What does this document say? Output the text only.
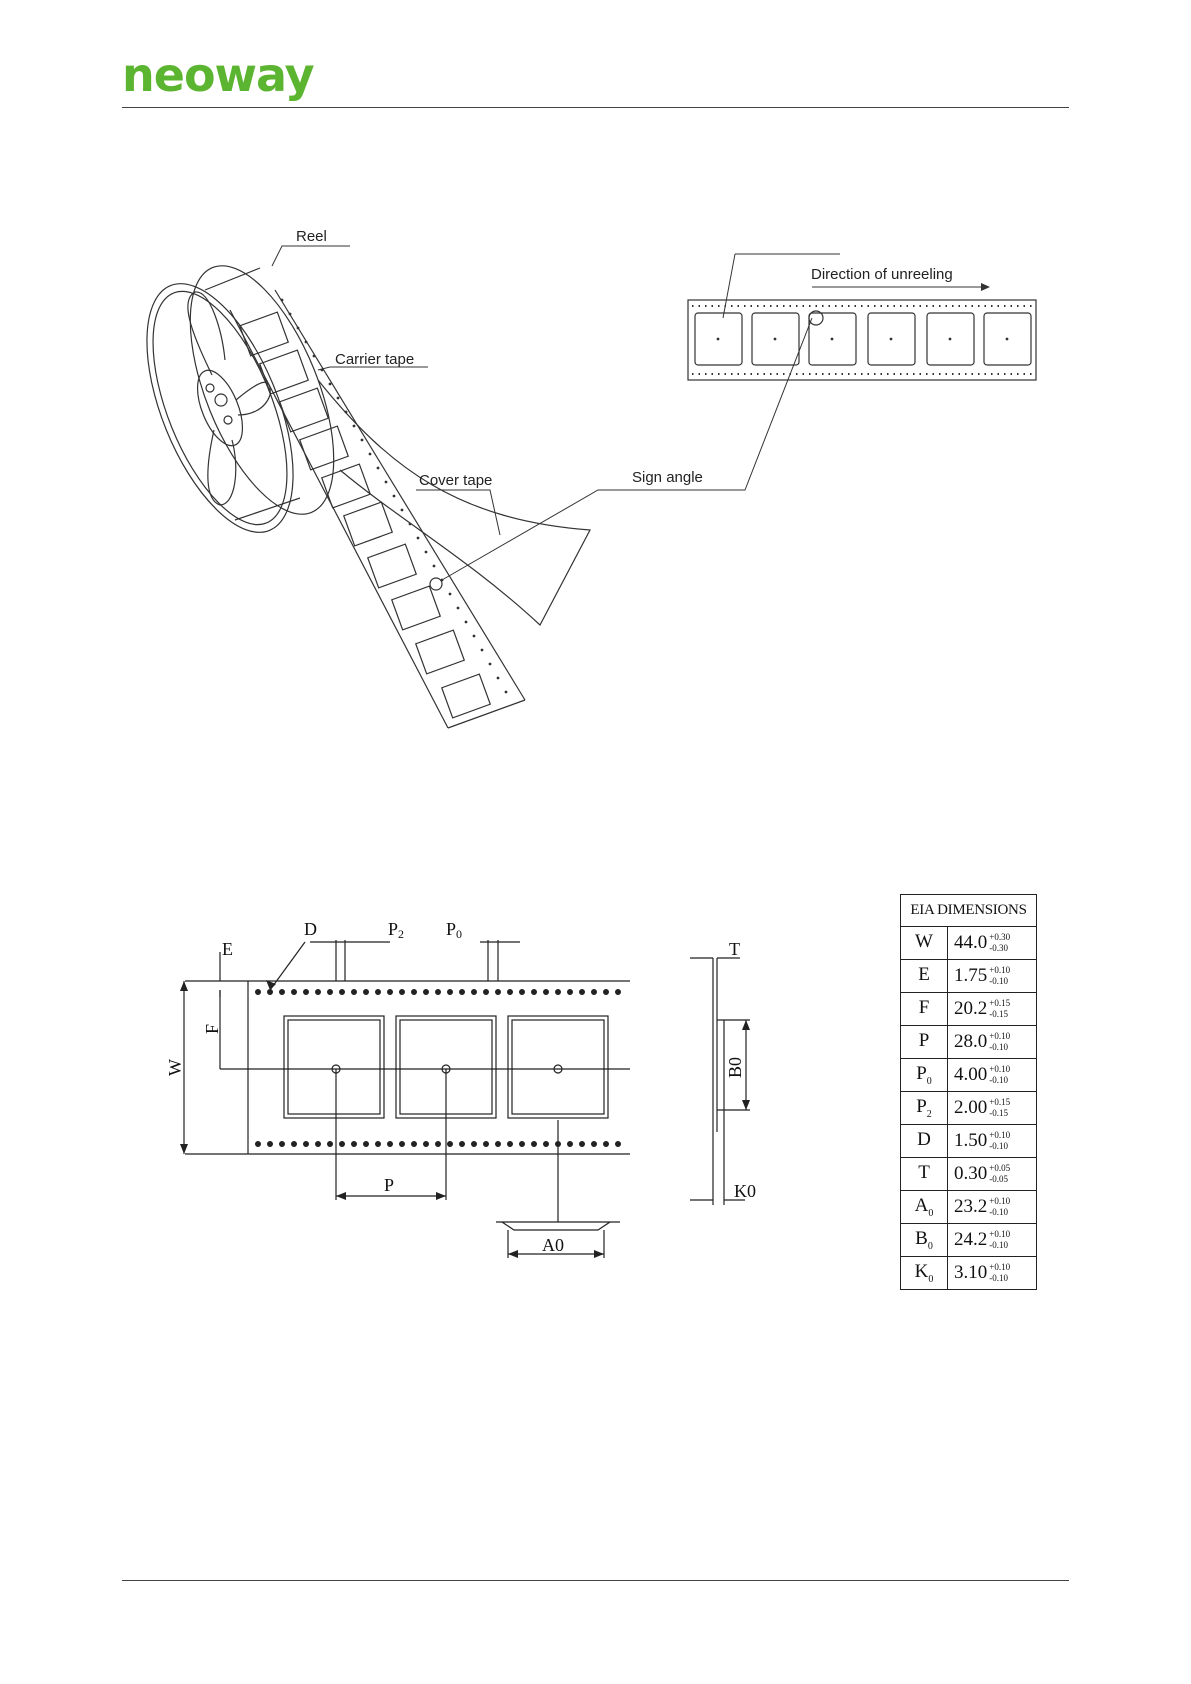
neoway
Reel
Carrier tape
Cover tape	Sign angle
Direction of unreeling
D	P2 P0
E
F
W
P
A0
T
B0
K0
EIA DIMENSIONS	
W	44.0 +0.30
-0.30

E	1.75 +0.10
-0.10

F	20.2 +0.15
-0.15

P	28.0 +0.10
-0.10

$P_0$	4.00 +0.10
-0.10

$P_2$	2.00 +0.15
-0.15

D	1.50 +0.10
-0.10

T	0.30 +0.05
-0.05

$A_0$	23.2 +0.10
-0.10

$B_0$	24.2 +0.10
-0.10

$K_0$	3.10 +0.10
-0.10
